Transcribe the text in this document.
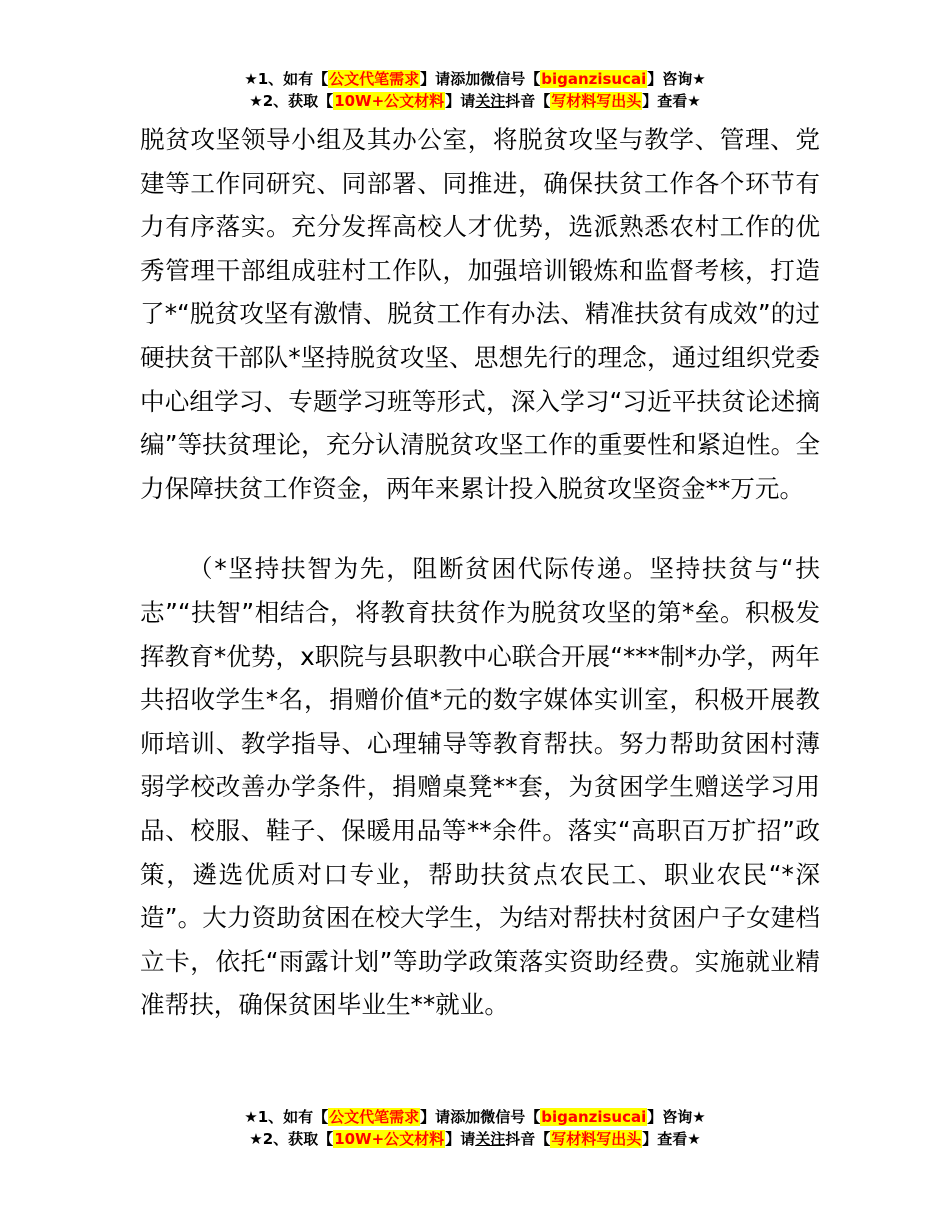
★1、如有【公文代笔需求】请添加微信号【biganzisucai】咨询★
★2、获取【10W+公文材料】请关注抖音【写材料写出头】查看★

脱贫攻坚领导小组及其办公室，将脱贫攻坚与教学、管理、党建等工作同研究、同部署、同推进，确保扶贫工作各个环节有力有序落实。充分发挥高校人才优势，选派熟悉农村工作的优秀管理干部组成驻村工作队，加强培训锻炼和监督考核，打造了*“脱贫攻坚有激情、脱贫工作有办法、精准扶贫有成效”的过硬扶贫干部队*坚持脱贫攻坚、思想先行的理念，通过组织党委中心组学习、专题学习班等形式，深入学习“习近平扶贫论述摘编”等扶贫理论，充分认清脱贫攻坚工作的重要性和紧迫性。全力保障扶贫工作资金，两年来累计投入脱贫攻坚资金**万元。

（*坚持扶智为先，阻断贫困代际传递。坚持扶贫与“扶志”“扶智”相结合，将教育扶贫作为脱贫攻坚的第*垒。积极发挥教育*优势，x职院与县职教中心联合开展“***制*办学，两年共招收学生*名，捐赠价值*元的数字媒体实训室，积极开展教师培训、教学指导、心理辅导等教育帮扶。努力帮助贫困村薄弱学校改善办学条件，捐赠桌凳**套，为贫困学生赠送学习用品、校服、鞋子、保暖用品等**余件。落实“高职百万扩招”政策，遴选优质对口专业，帮助扶贫点农民工、职业农民“*深造”。大力资助贫困在校大学生，为结对帮扶村贫困户子女建档立卡，依托“雨露计划”等助学政策落实资助经费。实施就业精准帮扶，确保贫困毕业生**就业。

★1、如有【公文代笔需求】请添加微信号【biganzisucai】咨询★
★2、获取【10W+公文材料】请关注抖音【写材料写出头】查看★
